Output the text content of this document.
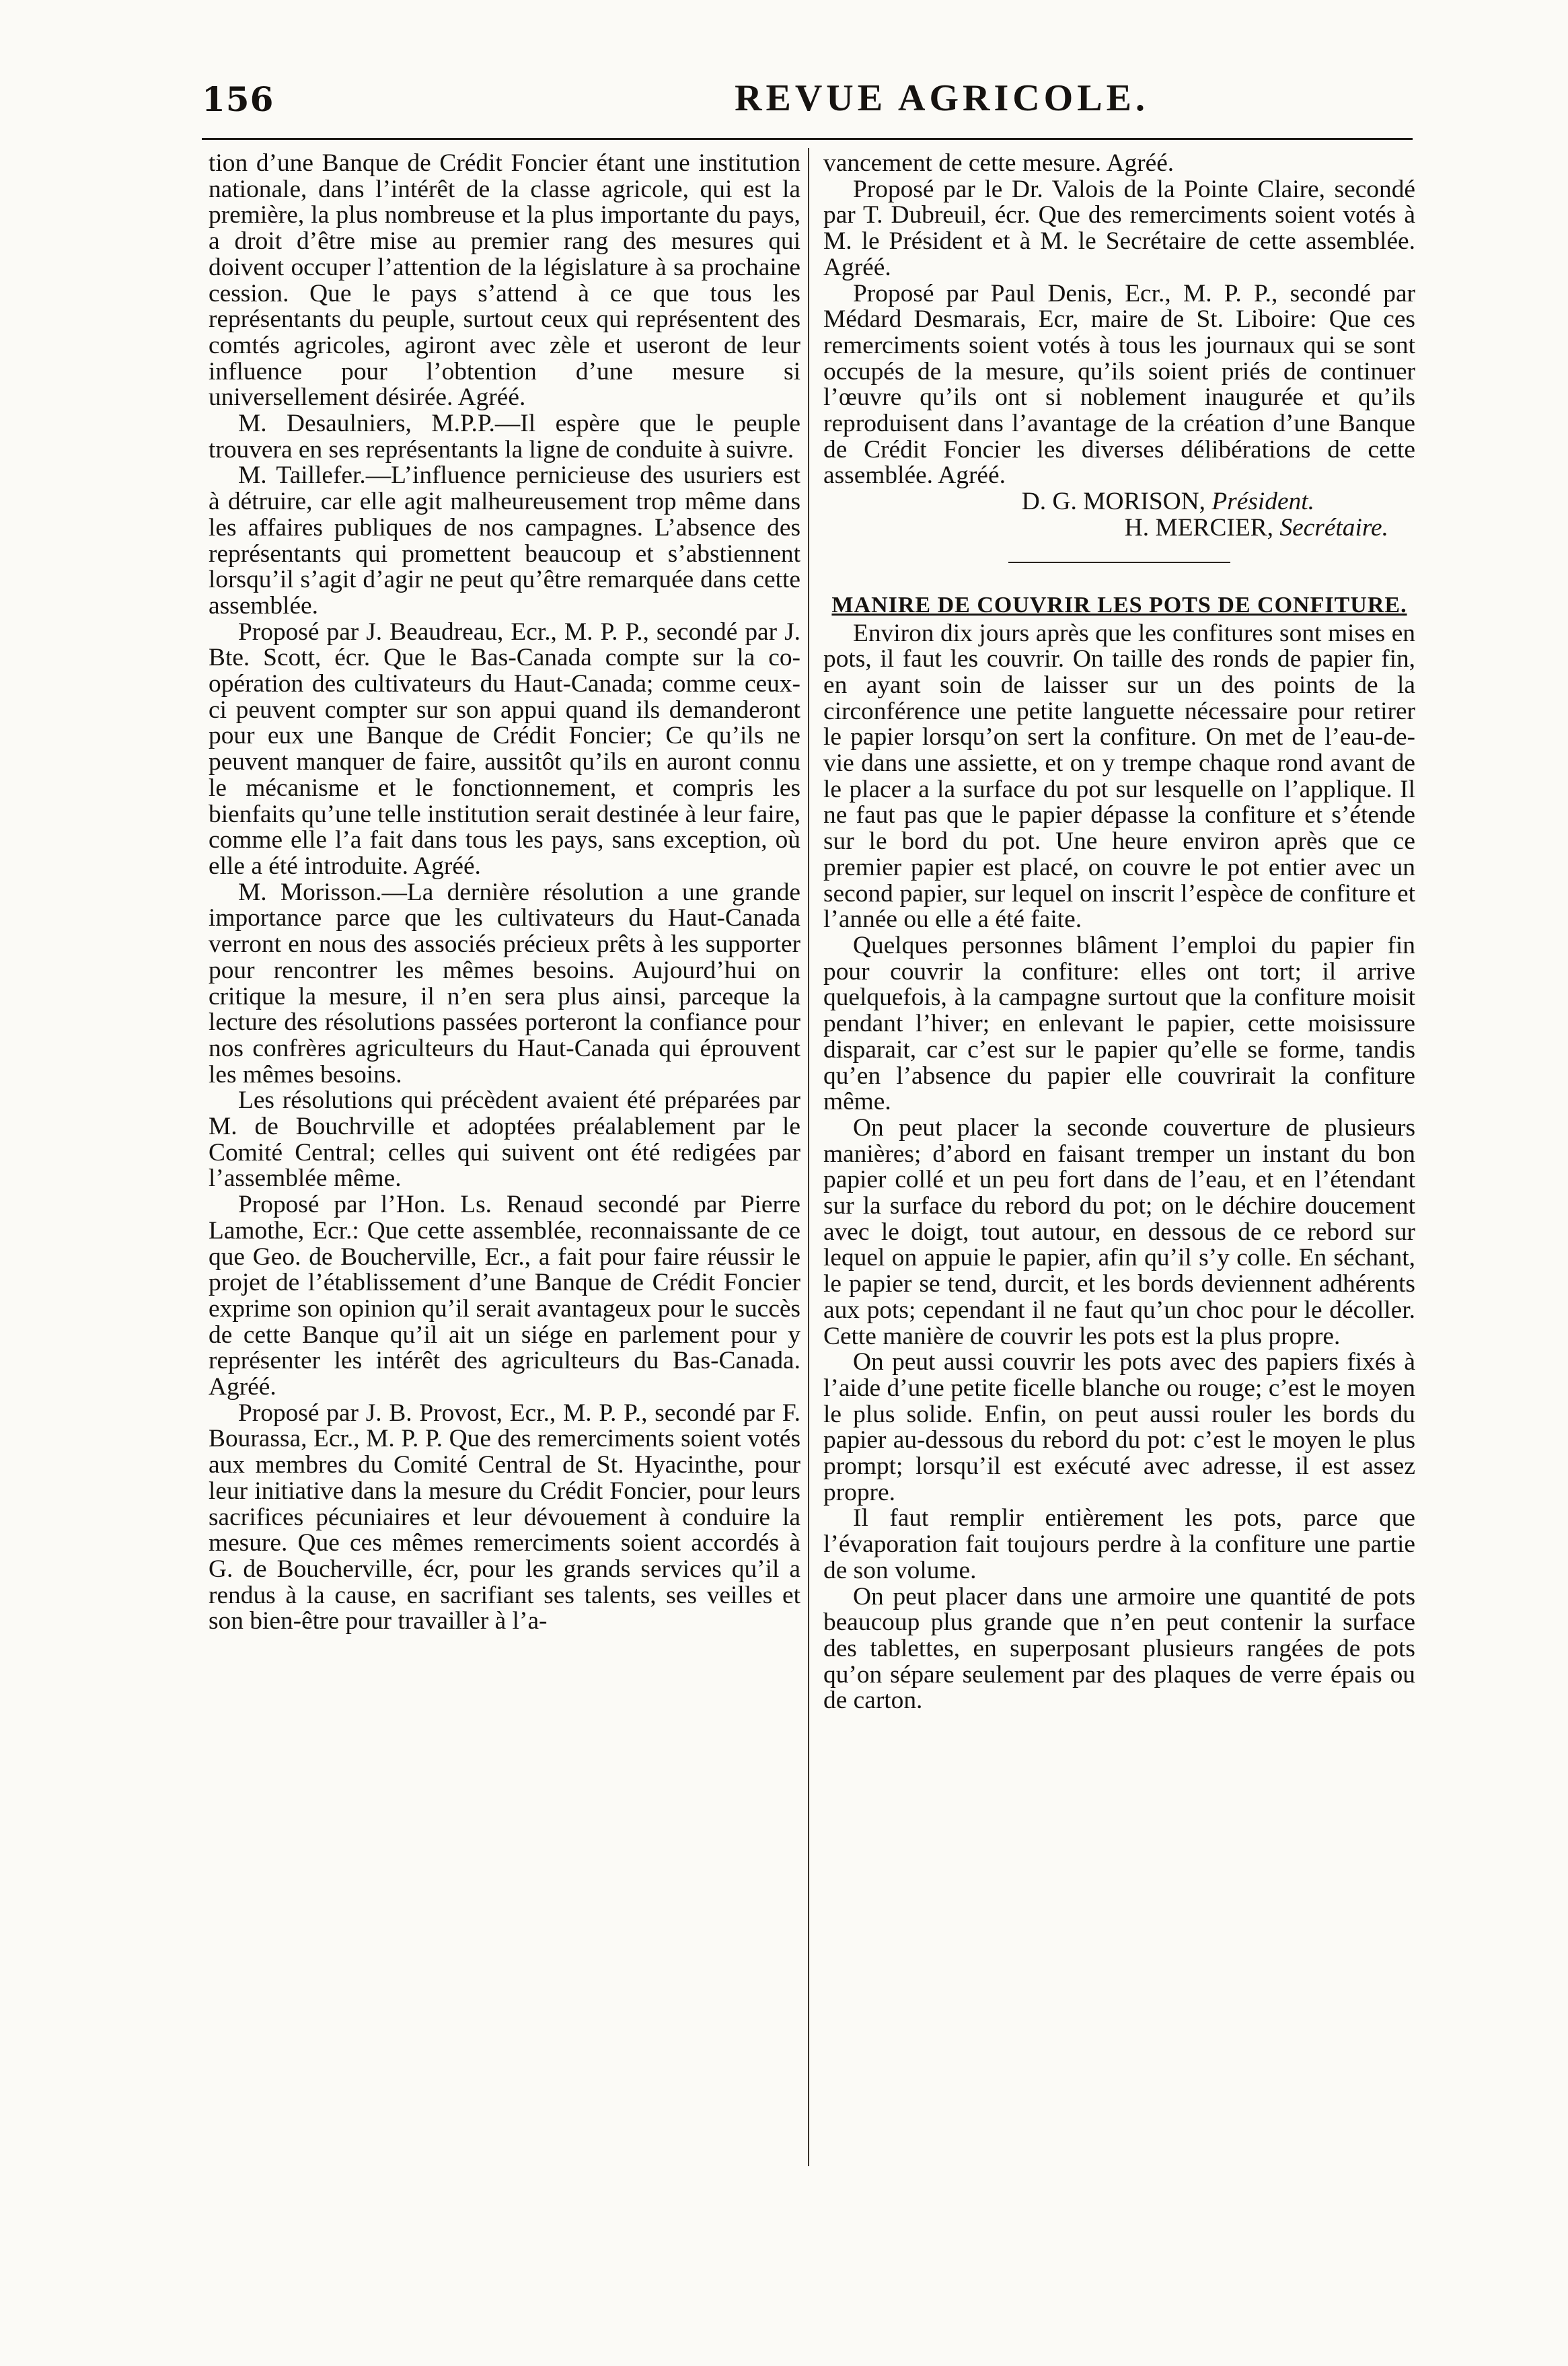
156	REVUE AGRICOLE.

tion d’une Banque de Crédit Foncier étant une institution nationale, dans l’intérêt de la classe agricole, qui est la première, la plus nombreuse et la plus importante du pays, a droit d’être mise au premier rang des mesures qui doivent occuper l’attention de la législature à sa prochaine cession. Que le pays s’attend à ce que tous les représentants du peuple, surtout ceux qui représentent des comtés agricoles, agiront avec zèle et useront de leur influence pour l’obtention d’une mesure si universellement désirée. Agréé.

M. Desaulniers, M.P.P.—Il espère que le peuple trouvera en ses représentants la ligne de conduite à suivre.

M. Taillefer.—L’influence pernicieuse des usuriers est à détruire, car elle agit malheureusement trop même dans les affaires publiques de nos campagnes. L’absence des représentants qui promettent beaucoup et s’abstiennent lorsqu’il s’agit d’agir ne peut qu’être remarquée dans cette assemblée.

Proposé par J. Beaudreau, Ecr., M. P. P., secondé par J. Bte. Scott, écr. Que le Bas-Canada compte sur la co-opération des cultivateurs du Haut-Canada; comme ceux-ci peuvent compter sur son appui quand ils demanderont pour eux une Banque de Crédit Foncier; Ce qu’ils ne peuvent manquer de faire, aussitôt qu’ils en auront connu le mécanisme et le fonctionnement, et compris les bienfaits qu’une telle institution serait destinée à leur faire, comme elle l’a fait dans tous les pays, sans exception, où elle a été introduite. Agréé.

M. Morisson.—La dernière résolution a une grande importance parce que les cultivateurs du Haut-Canada verront en nous des associés précieux prêts à les supporter pour rencontrer les mêmes besoins. Aujourd’hui on critique la mesure, il n’en sera plus ainsi, parceque la lecture des résolutions passées porteront la confiance pour nos confrères agriculteurs du Haut-Canada qui éprouvent les mêmes besoins.

Les résolutions qui précèdent avaient été préparées par M. de Bouchrville et adoptées préalablement par le Comité Central; celles qui suivent ont été redigées par l’assemblée même.

Proposé par l’Hon. Ls. Renaud secondé par Pierre Lamothe, Ecr.: Que cette assemblée, reconnaissante de ce que Geo. de Boucherville, Ecr., a fait pour faire réussir le projet de l’établissement d’une Banque de Crédit Foncier exprime son opinion qu’il serait avantageux pour le succès de cette Banque qu’il ait un siége en parlement pour y représenter les intérêt des agriculteurs du Bas-Canada. Agréé.

Proposé par J. B. Provost, Ecr., M. P. P., secondé par F. Bourassa, Ecr., M. P. P. Que des remerciments soient votés aux membres du Comité Central de St. Hyacinthe, pour leur initiative dans la mesure du Crédit Foncier, pour leurs sacrifices pécuniaires et leur dévouement à conduire la mesure. Que ces mêmes remerciments soient accordés à G. de Boucherville, écr, pour les grands services qu’il a rendus à la cause, en sacrifiant ses talents, ses veilles et son bien-être pour travailler à l’a-

vancement de cette mesure. Agréé.

Proposé par le Dr. Valois de la Pointe Claire, secondé par T. Dubreuil, écr. Que des remerciments soient votés à M. le Président et à M. le Secrétaire de cette assemblée. Agréé.

Proposé par Paul Denis, Ecr., M. P. P., secondé par Médard Desmarais, Ecr, maire de St. Liboire: Que ces remerciments soient votés à tous les journaux qui se sont occupés de la mesure, qu’ils soient priés de continuer l’œuvre qu’ils ont si noblement inaugurée et qu’ils reproduisent dans l’avantage de la création d’une Banque de Crédit Foncier les diverses délibérations de cette assemblée. Agréé.

D. G. MORISON, Président.
H. MERCIER, Secrétaire.
MANIRE DE COUVRIR LES POTS DE CONFITURE.

Environ dix jours après que les confitures sont mises en pots, il faut les couvrir. On taille des ronds de papier fin, en ayant soin de laisser sur un des points de la circonférence une petite languette nécessaire pour retirer le papier lorsqu’on sert la confiture. On met de l’eau-de-vie dans une assiette, et on y trempe chaque rond avant de le placer a la surface du pot sur lesquelle on l’applique. Il ne faut pas que le papier dépasse la confiture et s’étende sur le bord du pot. Une heure environ après que ce premier papier est placé, on couvre le pot entier avec un second papier, sur lequel on inscrit l’espèce de confiture et l’année ou elle a été faite.

Quelques personnes blâment l’emploi du papier fin pour couvrir la confiture: elles ont tort; il arrive quelquefois, à la campagne surtout que la confiture moisit pendant l’hiver; en enlevant le papier, cette moisissure disparait, car c’est sur le papier qu’elle se forme, tandis qu’en l’absence du papier elle couvrirait la confiture même.

On peut placer la seconde couverture de plusieurs manières; d’abord en faisant tremper un instant du bon papier collé et un peu fort dans de l’eau, et en l’étendant sur la surface du rebord du pot; on le déchire doucement avec le doigt, tout autour, en dessous de ce rebord sur lequel on appuie le papier, afin qu’il s’y colle. En séchant, le papier se tend, durcit, et les bords deviennent adhérents aux pots; cependant il ne faut qu’un choc pour le décoller. Cette manière de couvrir les pots est la plus propre.

On peut aussi couvrir les pots avec des papiers fixés à l’aide d’une petite ficelle blanche ou rouge; c’est le moyen le plus solide. Enfin, on peut aussi rouler les bords du papier au-dessous du rebord du pot: c’est le moyen le plus prompt; lorsqu’il est exécuté avec adresse, il est assez propre.

Il faut remplir entièrement les pots, parce que l’évaporation fait toujours perdre à la confiture une partie de son volume.

On peut placer dans une armoire une quantité de pots beaucoup plus grande que n’en peut contenir la surface des tablettes, en superposant plusieurs rangées de pots qu’on sépare seulement par des plaques de verre épais ou de carton.
